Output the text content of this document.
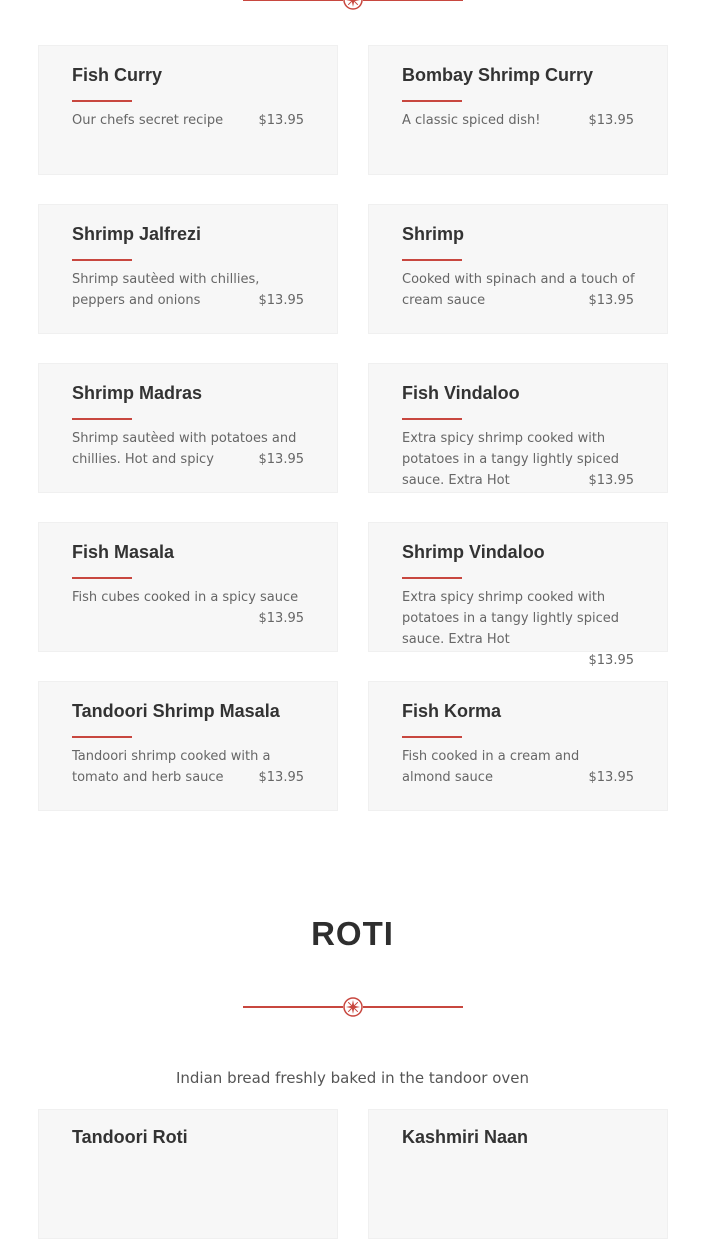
Fish Curry
Our chefs secret recipe	$13.95
Bombay Shrimp Curry
A classic spiced dish!	$13.95
Shrimp Jalfrezi
Shrimp sautèed with chillies, peppers and onions	$13.95
Shrimp
Cooked with spinach and a touch of cream sauce	$13.95
Shrimp Madras
Shrimp sautèed with potatoes and chillies. Hot and spicy	$13.95
Fish Vindaloo
Extra spicy shrimp cooked with potatoes in a tangy lightly spiced sauce. Extra Hot	$13.95
Fish Masala
Fish cubes cooked in a spicy sauce
$13.95
Shrimp Vindaloo
Extra spicy shrimp cooked with potatoes in a tangy lightly spiced sauce. Extra Hot
$13.95
Tandoori Shrimp Masala
Tandoori shrimp cooked with a tomato and herb sauce	$13.95
Fish Korma
Fish cooked in a cream and almond sauce	$13.95
ROTI
Indian bread freshly baked in the tandoor oven
Tandoori Roti	Kashmiri Naan
